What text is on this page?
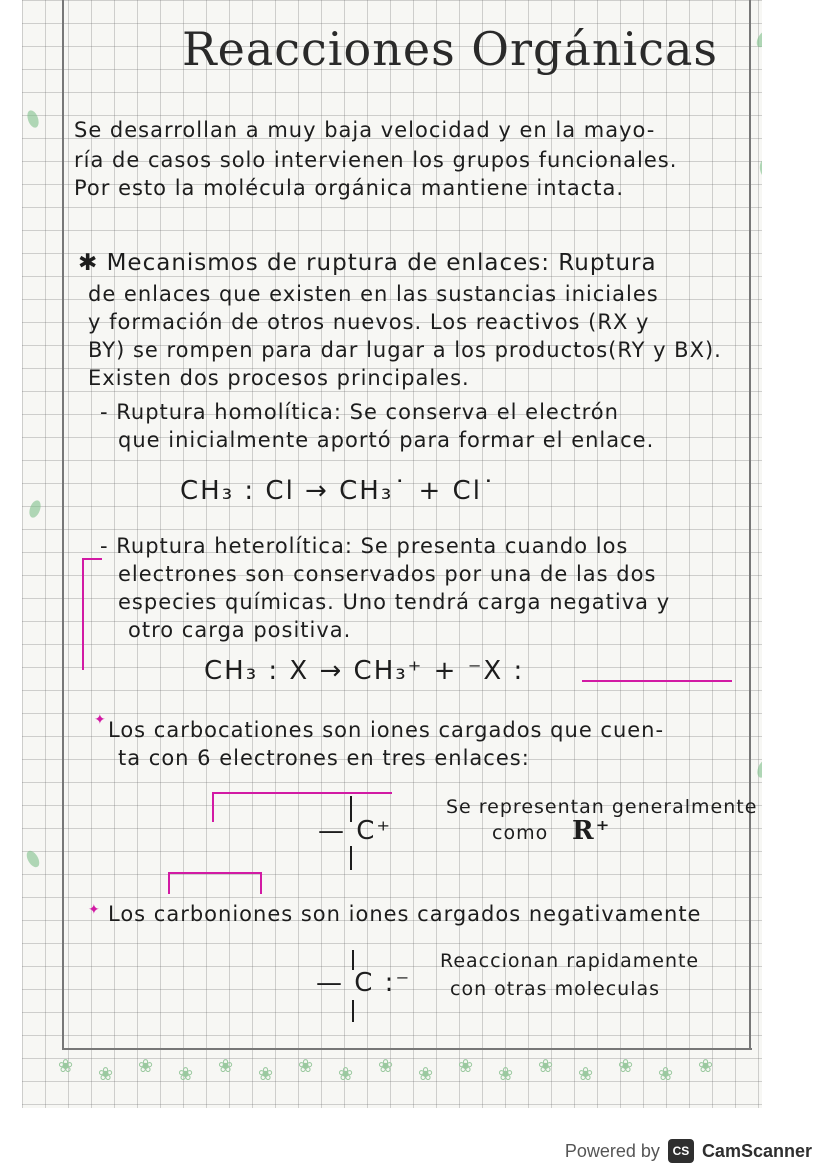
Reacciones Orgánicas
Se desarrollan a muy baja velocidad y en la mayo-
ría de casos solo intervienen los grupos funcionales.
Por esto la molécula orgánica mantiene intacta.
✱ Mecanismos de ruptura de enlaces: Ruptura
de enlaces que existen en las sustancias iniciales
y formación de otros nuevos. Los reactivos (RX y
BY) se rompen para dar lugar a los productos(RY y BX).
Existen dos procesos principales.
- Ruptura homolítica: Se conserva el electrón
que inicialmente aportó para formar el enlace.
CH₃ : Cl → CH₃˙ + Cl˙
- Ruptura heterolítica: Se presenta cuando los
electrones son conservados por una de las dos
especies químicas. Uno tendrá carga negativa y
otro carga positiva.
CH₃ : X → CH₃⁺ + ⁻X :
✦ Los carbocationes son iones cargados que cuen-
ta con 6 electrones en tres enlaces:
— C⁺
Se representan generalmente
como R⁺
✦ Los carboniones son iones cargados negativamente
— C :⁻
Reaccionan rapidamente
con otras moleculas
❀ ❀ ❀ ❀ ❀ ❀ ❀ ❀ ❀ ❀ ❀ ❀ ❀ ❀ ❀ ❀ ❀
Powered by	CS CamScanner
